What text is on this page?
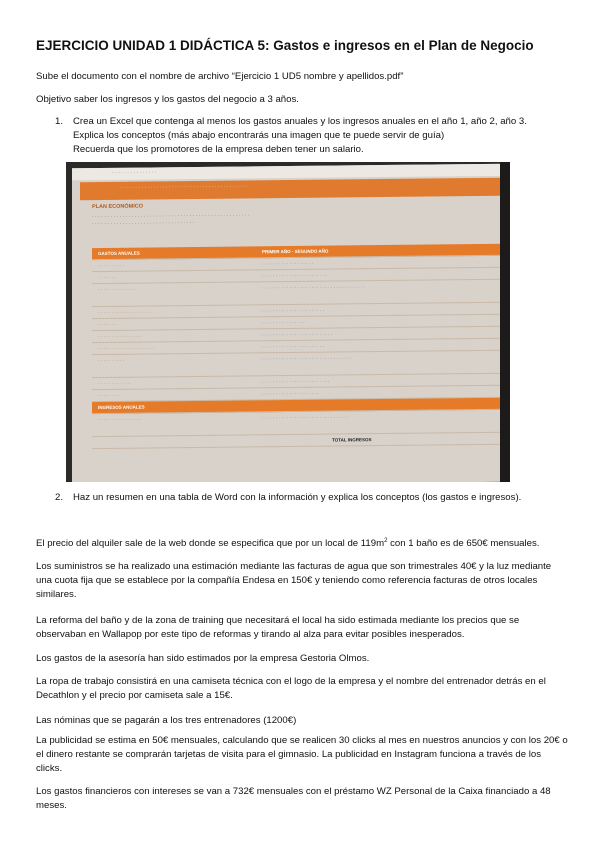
EJERCICIO UNIDAD 1 DIDÁCTICA 5: Gastos e ingresos en el Plan de Negocio
Sube el documento con el nombre de archivo “Ejercicio 1 UD5 nombre y apellidos.pdf”
Objetivo saber los ingresos y los gastos del negocio a 3 años.
1. Crea un Excel que contenga al menos los gastos anuales y los ingresos anuales en el año 1, año 2, año 3.
Explica los conceptos (más abajo encontrarás una imagen que te puede servir de guía)
Recuerda que los promotores de la empresa deben tener un salario.
· · · · · · · · · · · · · · ·
· · · · · · · · · · · · · · · · · · · · · · · · · · · · · · · · · · · · · · · · · ·
PLAN ECONÓMICO
· · · · · · · · · · · · · · · · · · · · · · · · · · · · · · · · · · · · · · · · · · · · · · · · · · · ·
· · · · · · · · · · · · · · · · · · · · · · · · · · · · · · · · · ·
GASTOS ANUALES	PRIMER AÑO · SEGUNDO AÑO
· · · · · · · · · ·	· · · · · · · · · · · · · · · · · · ·
· · · · · · ·	· · · · · · · · · · · · · · · · · · · · · · · ·
· · · · · · · · · · · · · ·	· · · · · · · · · · · · · · · · · · · · · · · · · · · · · · · · · · · · · ·
· · · · · · · · · · · · · · · · · · · ·	· · · · · · · · · · · · · · · · · · · · · · ·
· · · · · · ·	· · · · · · · · · · · · · · · ·
· · · · · · · · · · · · · · · ·	· · · · · · · · · · · · · · · · · · · · · · · · · ·
· · · · · · · · · · · · · · · · · · · · ·	· · · · · · · · · · · · · · · · · · · · · · ·
· · · · · · · · · ·	· · · · · · · · · · · · · · · · · · · · · · · · · · · · · · · · ·
· · · · · · · · · · · ·	· · · · · · · · · · · · · · · · · · · · · · · · ·
· · · · · · · ·	· · · · · · · · · · · · · · · · · · · · ·
INGRESOS ANUALES
· · · · · · · · · · · · · · · ·	· · · · · · · · · · · · · · · · · · · · · · · · · · · · · · · ·
TOTAL INGRESOS
2. Haz un resumen en una tabla de Word con la información y explica los conceptos (los gastos e ingresos).
El precio del alquiler sale de la web donde se especifica que por un local de $119m^2$ con 1 baño es de 650€ mensuales.
Los suministros se ha realizado una estimación mediante las facturas de agua que son trimestrales 40€ y la luz mediante una cuota fija que se establece por la compañía Endesa en 150€ y teniendo como referencia facturas de otros locales similares.
La reforma del baño y de la zona de training que necesitará el local ha sido estimada mediante los precios que se observaban en Wallapop por este tipo de reformas y tirando al alza para evitar posibles inesperados.
Los gastos de la asesoría han sido estimados por la empresa Gestoria Olmos.
La ropa de trabajo consistirá en una camiseta técnica con el logo de la empresa y el nombre del entrenador detrás en el Decathlon y el precio por camiseta sale a 15€.
Las nóminas que se pagarán a los tres entrenadores (1200€)
La publicidad se estima en 50€ mensuales, calculando que se realicen 30 clicks al mes en nuestros anuncios y con los 20€ o el dinero restante se comprarán tarjetas de visita para el gimnasio. La publicidad en Instagram funciona a través de los clicks.
Los gastos financieros con intereses se van a 732€ mensuales con el préstamo WZ Personal de la Caixa financiado a 48 meses.
